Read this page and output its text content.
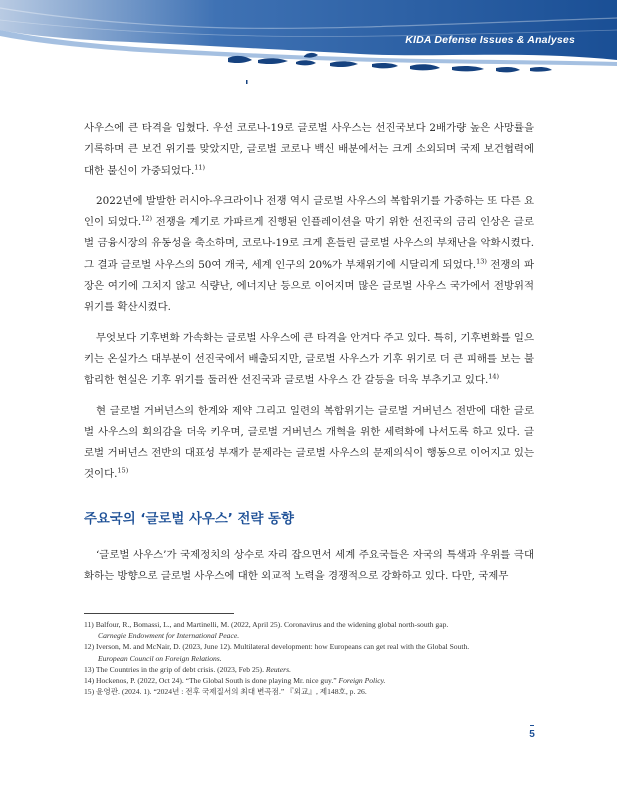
KIDA Defense Issues & Analyses

사우스에 큰 타격을 입혔다. 우선 코로나-19로 글로벌 사우스는 선진국보다 2배가량 높은 사망률을 기록하며 큰 보건 위기를 맞았지만, 글로벌 코로나 백신 배분에서는 크게 소외되며 국제 보건협력에 대한 불신이 가중되었다.$^{11)}$

2022년에 발발한 러시아-우크라이나 전쟁 역시 글로벌 사우스의 복합위기를 가중하는 또 다른 요인이 되었다.$^{12)}$ 전쟁을 계기로 가파르게 진행된 인플레이션을 막기 위한 선진국의 금리 인상은 글로벌 금융시장의 유동성을 축소하며, 코로나-19로 크게 흔들린 글로벌 사우스의 부채난을 악화시켰다. 그 결과 글로벌 사우스의 50여 개국, 세계 인구의 20%가 부채위기에 시달리게 되었다.$^{13)}$ 전쟁의 파장은 여기에 그치지 않고 식량난, 에너지난 등으로 이어지며 많은 글로벌 사우스 국가에서 전방위적 위기를 확산시켰다.

무엇보다 기후변화 가속화는 글로벌 사우스에 큰 타격을 안겨다 주고 있다. 특히, 기후변화를 일으키는 온실가스 대부분이 선진국에서 배출되지만, 글로벌 사우스가 기후 위기로 더 큰 피해를 보는 불합리한 현실은 기후 위기를 둘러싼 선진국과 글로벌 사우스 간 갈등을 더욱 부추기고 있다.$^{14)}$

현 글로벌 거버넌스의 한계와 제약 그리고 일련의 복합위기는 글로벌 거버넌스 전반에 대한 글로벌 사우스의 회의감을 더욱 키우며, 글로벌 거버넌스 개혁을 위한 세력화에 나서도록 하고 있다. 글로벌 거버넌스 전반의 대표성 부재가 문제라는 글로벌 사우스의 문제의식이 행동으로 이어지고 있는 것이다.$^{15)}$

주요국의 ‘글로벌 사우스’ 전략 동향

‘글로벌 사우스’가 국제정치의 상수로 자리 잡으면서 세계 주요국들은 자국의 특색과 우위를 극대화하는 방향으로 글로벌 사우스에 대한 외교적 노력을 경쟁적으로 강화하고 있다. 다만, 국제무

11) Balfour, R., Bomassi, L., and Martinelli, M. (2022, April 25). Coronavirus and the widening global north-south gap.
Carnegie Endowment for International Peace.
12) Iverson, M. and McNair, D. (2023, June 12). Multilateral development: how Europeans can get real with the Global South.
European Council on Foreign Relations.
13) The Countries in the grip of debt crisis. (2023, Feb 25). Reuters.
14) Hockenos, P. (2022, Oct 24). “The Global South is done playing Mr. nice guy.” Foreign Policy.
15) 윤영관. (2024. 1). “2024년 : 전후 국제질서의 최대 변곡점.” 『외교』, 제148호, p. 26.
5
